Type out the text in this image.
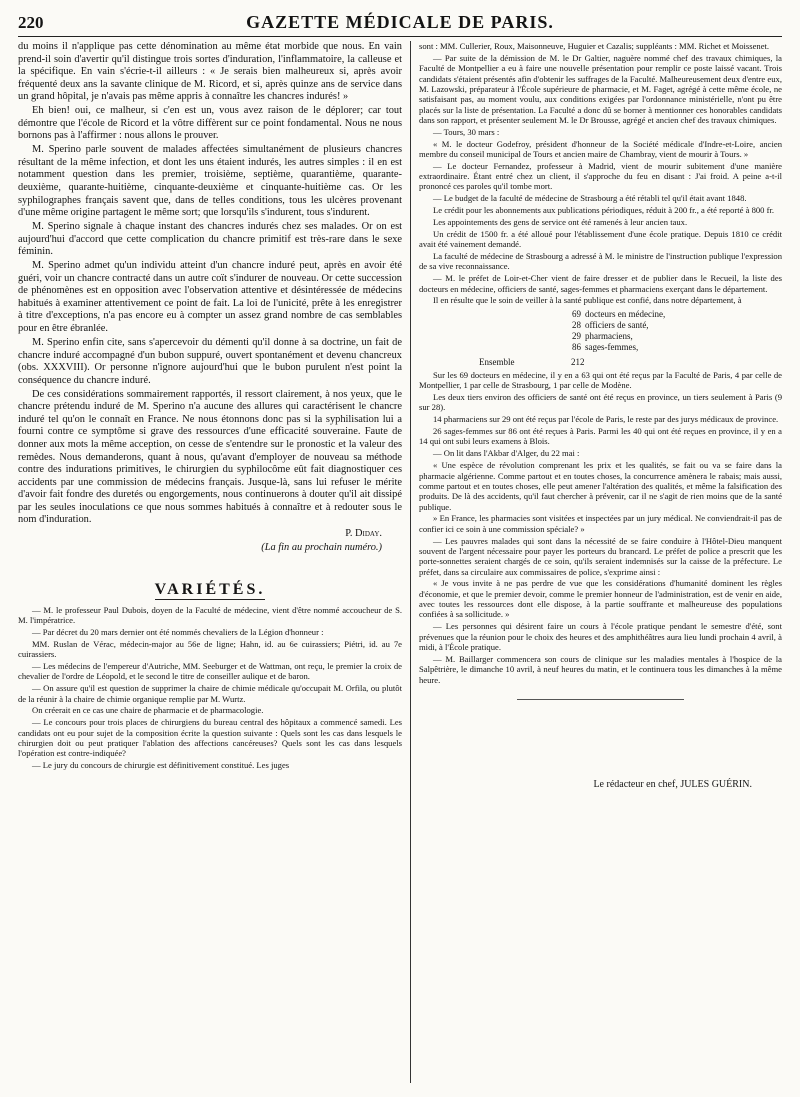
220	GAZETTE MÉDICALE DE PARIS.

du moins il n'applique pas cette dénomination au même état morbide que nous. En vain prend-il soin d'avertir qu'il distingue trois sortes d'induration, l'inflammatoire, la calleuse et la spécifique. En vain s'écrie-t-il ailleurs : « Je serais bien malheureux si, après avoir fréquenté deux ans la savante clinique de M. Ricord, et si, après quinze ans de service dans un grand hôpital, je n'avais pas même appris à connaître les chancres indurés! »

Eh bien! oui, ce malheur, si c'en est un, vous avez raison de le déplorer; car tout démontre que l'école de Ricord et la vôtre diffèrent sur ce point fondamental. Nous ne nous bornons pas à l'affirmer : nous allons le prouver.

M. Sperino parle souvent de malades affectées simultanément de plusieurs chancres résultant de la même infection, et dont les uns étaient indurés, les autres simples : il en est notamment question dans les premier, troisième, septième, quarantième, quarante-deuxième, quarante-huitième, cinquante-deuxième et cinquante-huitième cas. Or les syphilographes français savent que, dans de telles conditions, tous les ulcères provenant d'une même origine partagent le même sort; que lorsqu'ils s'indurent, tous s'indurent.

M. Sperino signale à chaque instant des chancres indurés chez ses malades. Or on est aujourd'hui d'accord que cette complication du chancre primitif est très-rare dans le sexe féminin.

M. Sperino admet qu'un individu atteint d'un chancre induré peut, après en avoir été guéri, voir un chancre contracté dans un autre coït s'indurer de nouveau. Or cette succession de phénomènes est en opposition avec l'observation attentive et désintéressée de médecins habitués à examiner attentivement ce point de fait. La loi de l'unicité, prête à les enregistrer à titre d'exceptions, n'a pas encore eu à compter un assez grand nombre de cas semblables pour en être ébranlée.

M. Sperino enfin cite, sans s'apercevoir du démenti qu'il donne à sa doctrine, un fait de chancre induré accompagné d'un bubon suppuré, ouvert spontanément et devenu chancreux (obs. XXXVIII). Or personne n'ignore aujourd'hui que le bubon purulent n'est point la conséquence du chancre induré.

De ces considérations sommairement rapportés, il ressort clairement, à nos yeux, que le chancre prétendu induré de M. Sperino n'a aucune des allures qui caractérisent le chancre induré tel qu'on le connaît en France. Ne nous étonnons donc pas si la syphilisation lui a fourni contre ce symptôme si grave des ressources d'une efficacité souveraine. Faute de donner aux mots la même acception, on cesse de s'entendre sur le pronostic et la valeur des remèdes. Nous demanderons, quant à nous, qu'avant d'employer de nouveau sa méthode contre des indurations primitives, le chirurgien du syphilocôme eût fait diagnostiquer ces accidents par une commission de médecins français. Jusque-là, sans lui refuser le mérite d'avoir fait fondre des duretés ou engorgements, nous continuerons à douter qu'il ait dissipé par les seules inoculations ce que nous sommes habitués à connaître et à redouter sous le nom d'induration.

P. Diday.

(La fin au prochain numéro.)

VARIÉTÉS.

— M. le professeur Paul Dubois, doyen de la Faculté de médecine, vient d'être nommé accoucheur de S. M. l'impératrice.

— Par décret du 20 mars dernier ont été nommés chevaliers de la Légion d'honneur :

MM. Ruslan de Vérac, médecin-major au 56e de ligne; Hahn, id. au 6e cuirassiers; Piétri, id. au 7e cuirassiers.

— Les médecins de l'empereur d'Autriche, MM. Seeburger et de Wattman, ont reçu, le premier la croix de chevalier de l'ordre de Léopold, et le second le titre de conseiller aulique et de baron.

— On assure qu'il est question de supprimer la chaire de chimie médicale qu'occupait M. Orfila, ou plutôt de la réunir à la chaire de chimie organique remplie par M. Wurtz.

On créerait en ce cas une chaire de pharmacie et de pharmacologie.

— Le concours pour trois places de chirurgiens du bureau central des hôpitaux a commencé samedi. Les candidats ont eu pour sujet de la composition écrite la question suivante : Quels sont les cas dans lesquels le chirurgien doit ou peut pratiquer l'ablation des affections cancéreuses? Quels sont les cas dans lesquels l'opération est contre-indiquée?

— Le jury du concours de chirurgie est définitivement constitué. Les juges

sont : MM. Cullerier, Roux, Maisonneuve, Huguier et Cazalis; suppléants : MM. Richet et Moissenet.

— Par suite de la démission de M. le Dr Galtier, naguère nommé chef des travaux chimiques, la Faculté de Montpellier a eu à faire une nouvelle présentation pour remplir ce poste laissé vacant. Trois candidats s'étaient présentés afin d'obtenir les suffrages de la Faculté. Malheureusement deux d'entre eux, M. Lazowski, préparateur à l'École supérieure de pharmacie, et M. Faget, agrégé à cette même école, ne satisfaisant pas, au moment voulu, aux conditions exigées par l'ordonnance ministérielle, n'ont pu être placés sur la liste de présentation. La Faculté a donc dû se borner à mentionner ces honorables candidats dans son rapport, et présenter seulement M. le Dr Brousse, agrégé et ancien chef des travaux chimiques.

— Tours, 30 mars :

« M. le docteur Godefroy, président d'honneur de la Société médicale d'Indre-et-Loire, ancien membre du conseil municipal de Tours et ancien maire de Chambray, vient de mourir à Tours. »

— Le docteur Fernandez, professeur à Madrid, vient de mourir subitement d'une manière extraordinaire. Étant entré chez un client, il s'approche du feu en disant : J'ai froid. A peine a-t-il prononcé ces paroles qu'il tombe mort.

— Le budget de la faculté de médecine de Strasbourg a été rétabli tel qu'il était avant 1848.

Le crédit pour les abonnements aux publications périodiques, réduit à 200 fr., a été reporté à 800 fr.

Les appointements des gens de service ont été ramenés à leur ancien taux.

Un crédit de 1500 fr. a été alloué pour l'établissement d'une école pratique. Depuis 1810 ce crédit avait été vainement demandé.

La faculté de médecine de Strasbourg a adressé à M. le ministre de l'instruction publique l'expression de sa vive reconnaissance.

— M. le préfet de Loir-et-Cher vient de faire dresser et de publier dans le Recueil, la liste des docteurs en médecine, officiers de santé, sages-femmes et pharmaciens exerçant dans le département.

Il en résulte que le soin de veiller à la santé publique est confié, dans notre département, à

69 docteurs en médecine,
28 officiers de santé,
29 pharmaciens,
86 sages-femmes,
Ensemble	212

Sur les 69 docteurs en médecine, il y en a 63 qui ont été reçus par la Faculté de Paris, 4 par celle de Montpellier, 1 par celle de Strasbourg, 1 par celle de Modène.

Les deux tiers environ des officiers de santé ont été reçus en province, un tiers seulement à Paris (9 sur 28).

14 pharmaciens sur 29 ont été reçus par l'école de Paris, le reste par des jurys médicaux de province.

26 sages-femmes sur 86 ont été reçues à Paris. Parmi les 40 qui ont été reçues en province, il y en a 14 qui ont subi leurs examens à Blois.

— On lit dans l'Akbar d'Alger, du 22 mai :

« Une espèce de révolution comprenant les prix et les qualités, se fait ou va se faire dans la pharmacie algérienne. Comme partout et en toutes choses, la concurrence amènera le rabais; mais aussi, comme partout et en toutes choses, elle peut amener l'altération des qualités, et même la falsification des produits. De là des accidents, qu'il faut chercher à prévenir, car il ne s'agit de rien moins que de la santé publique.

» En France, les pharmacies sont visitées et inspectées par un jury médical. Ne conviendrait-il pas de confier ici ce soin à une commission spéciale? »

— Les pauvres malades qui sont dans la nécessité de se faire conduire à l'Hôtel-Dieu manquent souvent de l'argent nécessaire pour payer les porteurs du brancard. Le préfet de police a prescrit que les porte-sonnettes seraient chargés de ce soin, qu'ils seraient indemnisés sur la caisse de la préfecture. Le préfet, dans sa circulaire aux commissaires de police, s'exprime ainsi :

« Je vous invite à ne pas perdre de vue que les considérations d'humanité dominent les règles d'économie, et que le premier devoir, comme le premier honneur de l'administration, est de venir en aide, avec toutes les ressources dont elle dispose, à la partie souffrante et malheureuse des populations confiées à sa sollicitude. »

— Les personnes qui désirent faire un cours à l'école pratique pendant le semestre d'été, sont prévenues que la réunion pour le choix des heures et des amphithéâtres aura lieu lundi prochain 4 avril, à midi, à l'École pratique.

— M. Baillarger commencera son cours de clinique sur les maladies mentales à l'hospice de la Salpêtrière, le dimanche 10 avril, à neuf heures du matin, et le continuera tous les dimanches à la même heure.

Le rédacteur en chef, JULES GUÉRIN.
